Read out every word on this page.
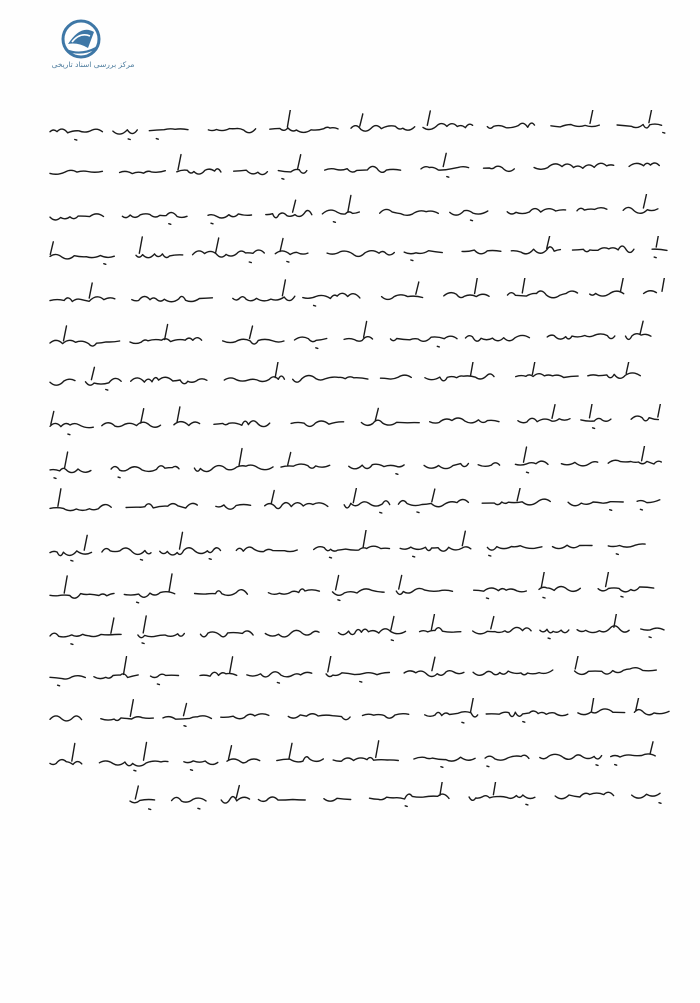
مرکز بررسی اسناد تاریخی
